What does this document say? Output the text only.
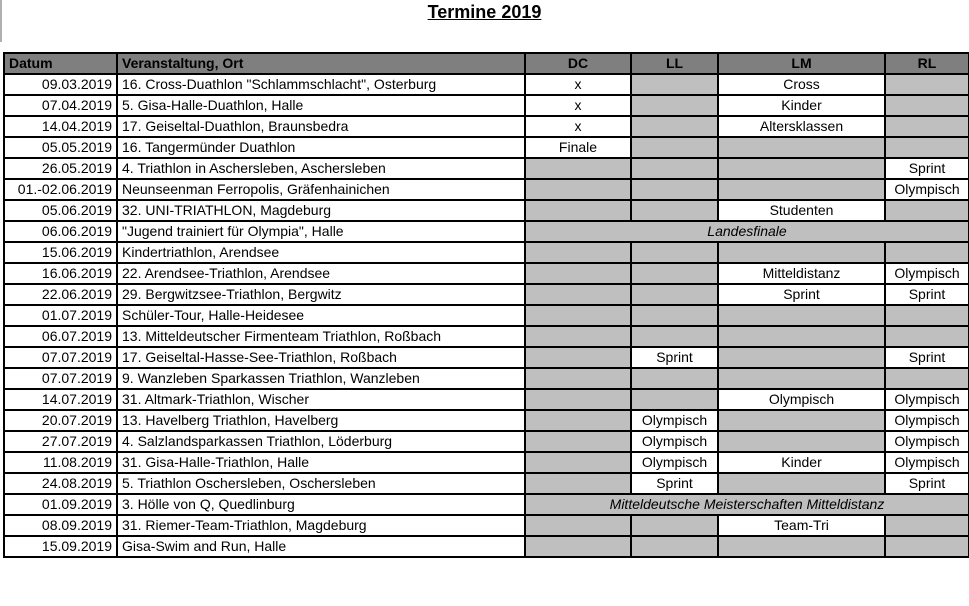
Termine 2019
Datum	Veranstaltung, Ort	DC	LL	LM	RL
09.03.2019	16. Cross-Duathlon "Schlammschlacht", Osterburg	x		Cross	
07.04.2019	5. Gisa-Halle-Duathlon, Halle	x		Kinder	
14.04.2019	17. Geiseltal-Duathlon, Braunsbedra	x		Altersklassen	
05.05.2019	16. Tangermünder Duathlon	Finale			
26.05.2019	4. Triathlon in Aschersleben, Aschersleben				Sprint
01.-02.06.2019	Neunseenman Ferropolis, Gräfenhainichen				Olympisch
05.06.2019	32. UNI-TRIATHLON, Magdeburg			Studenten	
06.06.2019	"Jugend trainiert für Olympia", Halle	Landesfinale			
15.06.2019	Kindertriathlon, Arendsee				
16.06.2019	22. Arendsee-Triathlon, Arendsee			Mitteldistanz	Olympisch
22.06.2019	29. Bergwitzsee-Triathlon, Bergwitz			Sprint	Sprint
01.07.2019	Schüler-Tour, Halle-Heidesee				
06.07.2019	13. Mitteldeutscher Firmenteam Triathlon, Roßbach				
07.07.2019	17. Geiseltal-Hasse-See-Triathlon, Roßbach		Sprint		Sprint
07.07.2019	9. Wanzleben Sparkassen Triathlon, Wanzleben				
14.07.2019	31. Altmark-Triathlon, Wischer			Olympisch	Olympisch
20.07.2019	13. Havelberg Triathlon, Havelberg		Olympisch		Olympisch
27.07.2019	4. Salzlandsparkassen Triathlon, Löderburg		Olympisch		Olympisch
11.08.2019	31. Gisa-Halle-Triathlon, Halle		Olympisch	Kinder	Olympisch
24.08.2019	5. Triathlon Oschersleben, Oschersleben		Sprint		Sprint
01.09.2019	3. Hölle von Q, Quedlinburg	Mitteldeutsche Meisterschaften Mitteldistanz			
08.09.2019	31. Riemer-Team-Triathlon, Magdeburg			Team-Tri	
15.09.2019	Gisa-Swim and Run, Halle				
